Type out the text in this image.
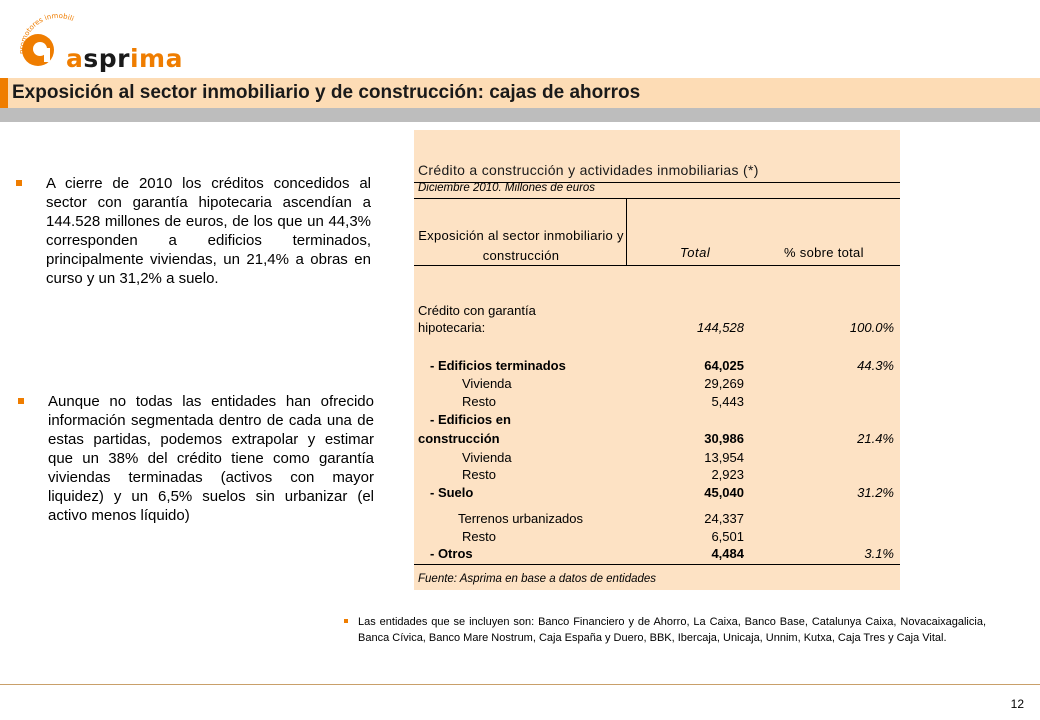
promotores inmobili
asprima
Exposición al sector inmobiliario y de construcción: cajas de ahorros
A cierre de 2010 los créditos concedidos al sector con garantía hipotecaria ascendían a 144.528 millones de euros, de los que un 44,3% corresponden a edificios terminados, principalmente viviendas, un 21,4% a obras en curso y un 31,2% a suelo.
Aunque no todas las entidades han ofrecido información segmentada dentro de cada una de estas partidas, podemos extrapolar y estimar que un 38% del crédito tiene como garantía viviendas terminadas (activos con mayor liquidez) y un 6,5% suelos sin urbanizar (el activo menos líquido)
Crédito a construcción y actividades inmobiliarias (*)
Diciembre 2010. Millones de euros
Exposición al sector inmobiliario y construcción	Total	% sobre total
Crédito con garantía
hipotecaria:	144,528	100.0%
- Edificios terminados	64,025	44.3%
Vivienda	29,269
Resto	5,443
- Edificios en
construcción	30,986	21.4%
Vivienda	13,954
Resto	2,923
- Suelo	45,040	31.2%
Terrenos urbanizados	24,337
Resto	6,501
- Otros	4,484	3.1%
Fuente: Asprima en base a datos de entidades
Las entidades que se incluyen son: Banco Financiero y de Ahorro, La Caixa, Banco Base, Catalunya Caixa, Novacaixagalicia, Banca Cívica, Banco Mare Nostrum, Caja España y Duero, BBK, Ibercaja, Unicaja, Unnim, Kutxa, Caja Tres y Caja Vital.
12
